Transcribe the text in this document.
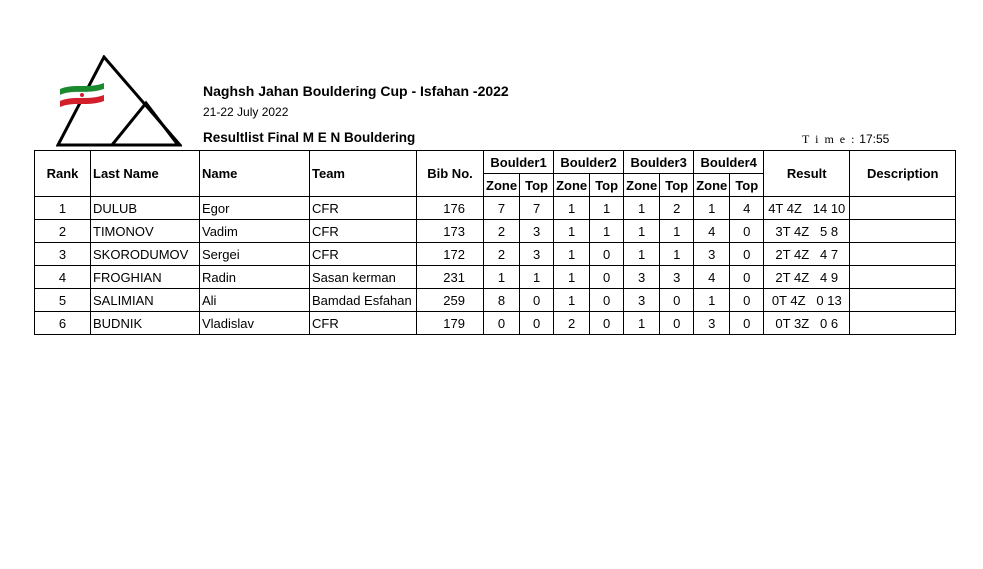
Naghsh Jahan Bouldering Cup - Isfahan -2022
21-22 July 2022
Resultlist Final M E N Bouldering	T i m e : 17:55
Rank	Last Name	Name	Team	Bib No.	Boulder1		Boulder2		Boulder3		Boulder4		Result	Description
					Zone	Top	Zone	Top	Zone	Top	Zone	Top		
1	DULUB	Egor	CFR	176	7	7	1	1	1	2	1	4	4T 4Z   14 10	
2	TIMONOV	Vadim	CFR	173	2	3	1	1	1	1	4	0	3T 4Z   5 8	
3	SKORODUMOV	Sergei	CFR	172	2	3	1	0	1	1	3	0	2T 4Z   4 7	
4	FROGHIAN	Radin	Sasan kerman	231	1	1	1	0	3	3	4	0	2T 4Z   4 9	
5	SALIMIAN	Ali	Bamdad Esfahan	259	8	0	1	0	3	0	1	0	0T 4Z   0 13	
6	BUDNIK	Vladislav	CFR	179	0	0	2	0	1	0	3	0	0T 3Z   0 6	
